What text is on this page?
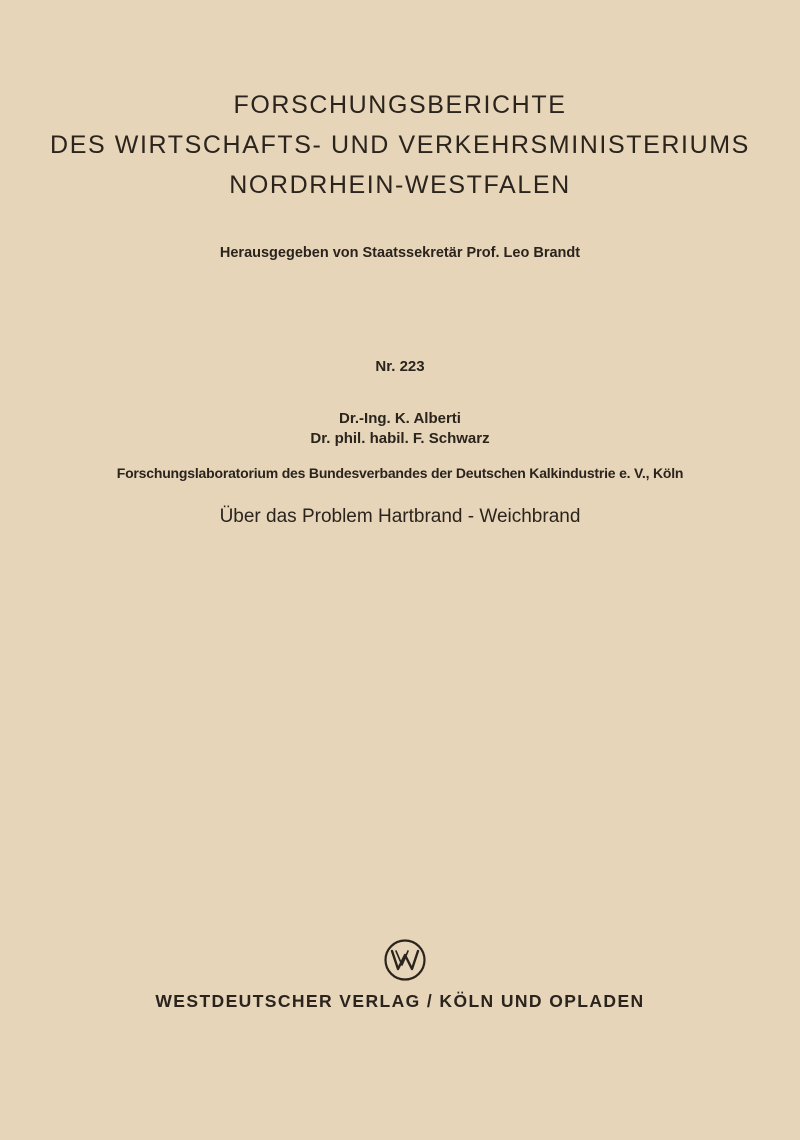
FORSCHUNGSBERICHTE
DES WIRTSCHAFTS- UND VERKEHRSMINISTERIUMS
NORDRHEIN-WESTFALEN
Herausgegeben von Staatssekretär Prof. Leo Brandt
Nr. 223
Dr.-Ing. K. Alberti
Dr. phil. habil. F. Schwarz
Forschungslaboratorium des Bundesverbandes der Deutschen Kalkindustrie e. V., Köln
Über das Problem Hartbrand - Weichbrand
WESTDEUTSCHER VERLAG / KÖLN UND OPLADEN
